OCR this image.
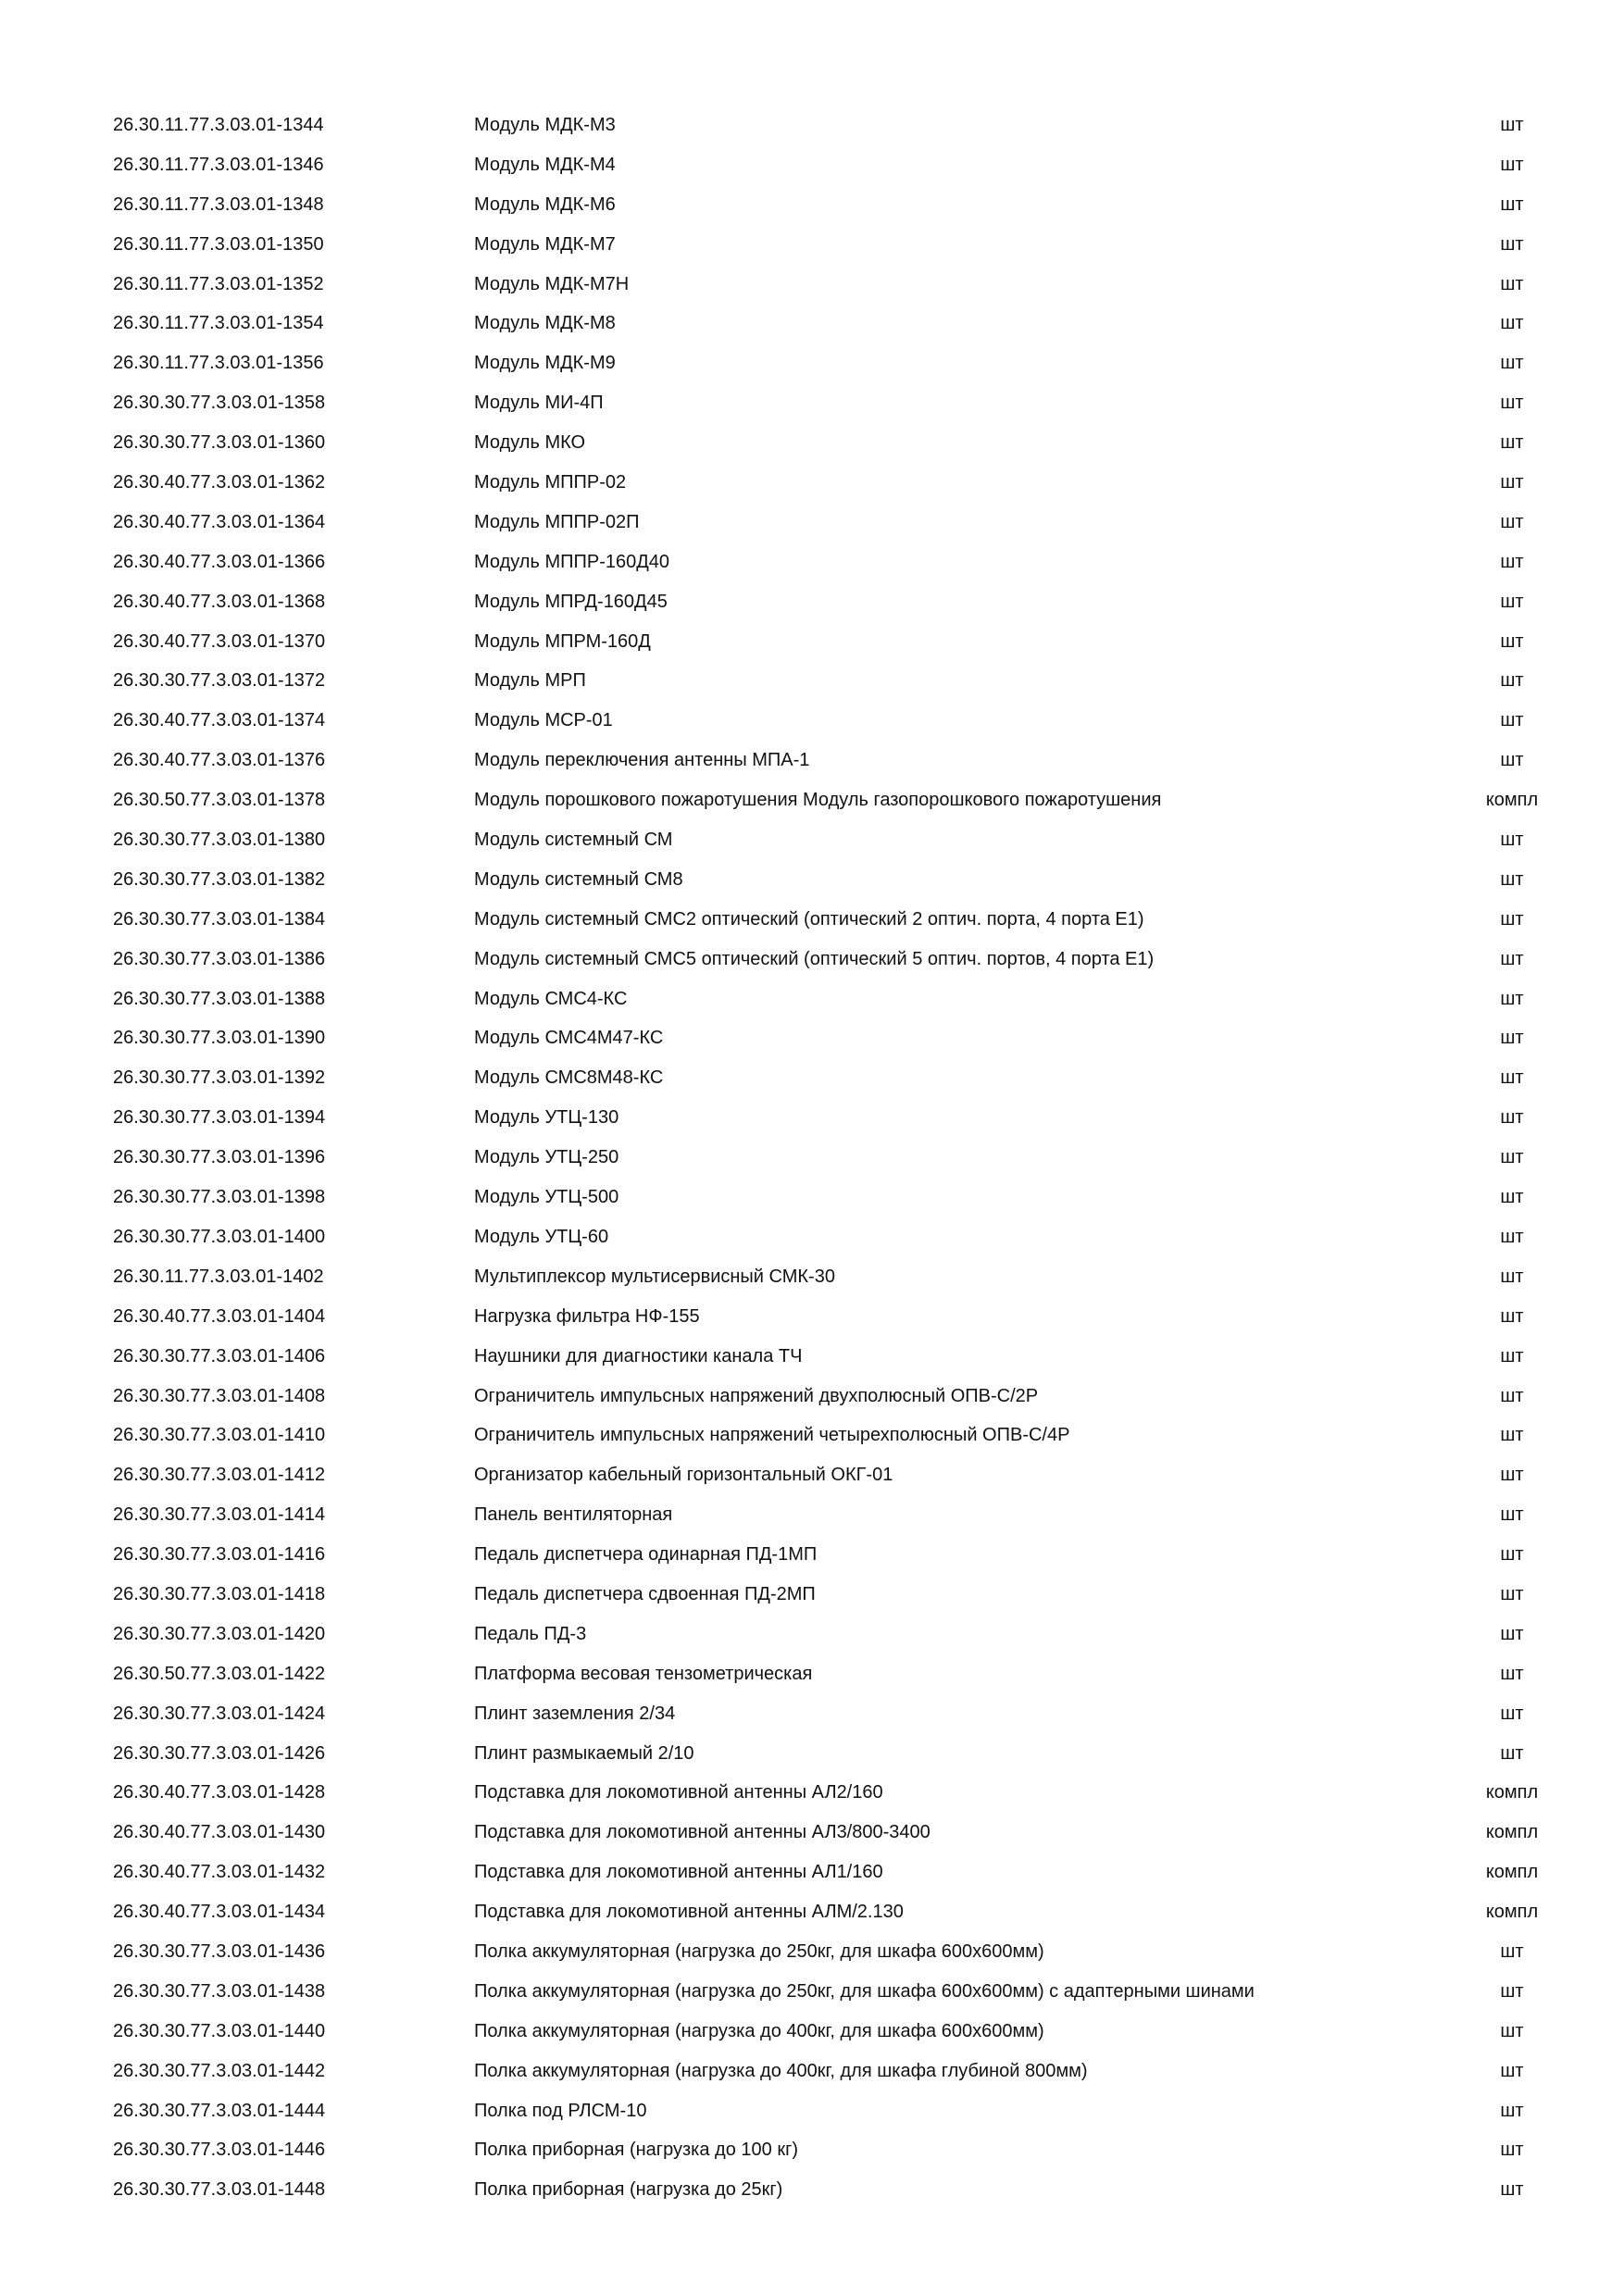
26.30.11.77.3.03.01-1344	Модуль МДК-М3	шт
26.30.11.77.3.03.01-1346	Модуль МДК-М4	шт
26.30.11.77.3.03.01-1348	Модуль МДК-М6	шт
26.30.11.77.3.03.01-1350	Модуль МДК-М7	шт
26.30.11.77.3.03.01-1352	Модуль МДК-М7Н	шт
26.30.11.77.3.03.01-1354	Модуль МДК-М8	шт
26.30.11.77.3.03.01-1356	Модуль МДК-М9	шт
26.30.30.77.3.03.01-1358	Модуль МИ-4П	шт
26.30.30.77.3.03.01-1360	Модуль МКО	шт
26.30.40.77.3.03.01-1362	Модуль МППР-02	шт
26.30.40.77.3.03.01-1364	Модуль МППР-02П	шт
26.30.40.77.3.03.01-1366	Модуль МППР-160Д40	шт
26.30.40.77.3.03.01-1368	Модуль МПРД-160Д45	шт
26.30.40.77.3.03.01-1370	Модуль МПРМ-160Д	шт
26.30.30.77.3.03.01-1372	Модуль МРП	шт
26.30.40.77.3.03.01-1374	Модуль МСР-01	шт
26.30.40.77.3.03.01-1376	Модуль переключения антенны МПА-1	шт
26.30.50.77.3.03.01-1378	Модуль порошкового пожаротушения Модуль газопорошкового пожаротушения	компл
26.30.30.77.3.03.01-1380	Модуль системный СМ	шт
26.30.30.77.3.03.01-1382	Модуль системный СМ8	шт
26.30.30.77.3.03.01-1384	Модуль системный СМС2 оптический (оптический 2 оптич. порта, 4 порта Е1)	шт
26.30.30.77.3.03.01-1386	Модуль системный СМС5 оптический (оптический 5 оптич. портов, 4 порта Е1)	шт
26.30.30.77.3.03.01-1388	Модуль СМС4-КС	шт
26.30.30.77.3.03.01-1390	Модуль СМС4М47-КС	шт
26.30.30.77.3.03.01-1392	Модуль СМС8М48-КС	шт
26.30.30.77.3.03.01-1394	Модуль УТЦ-130	шт
26.30.30.77.3.03.01-1396	Модуль УТЦ-250	шт
26.30.30.77.3.03.01-1398	Модуль УТЦ-500	шт
26.30.30.77.3.03.01-1400	Модуль УТЦ-60	шт
26.30.11.77.3.03.01-1402	Мультиплексор мультисервисный СМК-30	шт
26.30.40.77.3.03.01-1404	Нагрузка фильтра НФ-155	шт
26.30.30.77.3.03.01-1406	Наушники для диагностики канала ТЧ	шт
26.30.30.77.3.03.01-1408	Ограничитель импульсных напряжений двухполюсный ОПВ-С/2Р	шт
26.30.30.77.3.03.01-1410	Ограничитель импульсных напряжений четырехполюсный ОПВ-С/4Р	шт
26.30.30.77.3.03.01-1412	Организатор кабельный горизонтальный ОКГ-01	шт
26.30.30.77.3.03.01-1414	Панель вентиляторная	шт
26.30.30.77.3.03.01-1416	Педаль диспетчера одинарная ПД-1МП	шт
26.30.30.77.3.03.01-1418	Педаль диспетчера сдвоенная ПД-2МП	шт
26.30.30.77.3.03.01-1420	Педаль ПД-3	шт
26.30.50.77.3.03.01-1422	Платформа весовая тензометрическая	шт
26.30.30.77.3.03.01-1424	Плинт заземления 2/34	шт
26.30.30.77.3.03.01-1426	Плинт размыкаемый 2/10	шт
26.30.40.77.3.03.01-1428	Подставка для локомотивной антенны АЛ2/160	компл
26.30.40.77.3.03.01-1430	Подставка для локомотивной антенны АЛ3/800-3400	компл
26.30.40.77.3.03.01-1432	Подставка для локомотивной антенны АЛ1/160	компл
26.30.40.77.3.03.01-1434	Подставка для локомотивной антенны АЛМ/2.130	компл
26.30.30.77.3.03.01-1436	Полка аккумуляторная (нагрузка до 250кг, для шкафа 600х600мм)	шт
26.30.30.77.3.03.01-1438	Полка аккумуляторная (нагрузка до 250кг, для шкафа 600х600мм) с адаптерными шинами	шт
26.30.30.77.3.03.01-1440	Полка аккумуляторная (нагрузка до 400кг, для шкафа 600х600мм)	шт
26.30.30.77.3.03.01-1442	Полка аккумуляторная (нагрузка до 400кг, для шкафа глубиной 800мм)	шт
26.30.30.77.3.03.01-1444	Полка под РЛСМ-10	шт
26.30.30.77.3.03.01-1446	Полка приборная (нагрузка до 100 кг)	шт
26.30.30.77.3.03.01-1448	Полка приборная (нагрузка до 25кг)	шт
